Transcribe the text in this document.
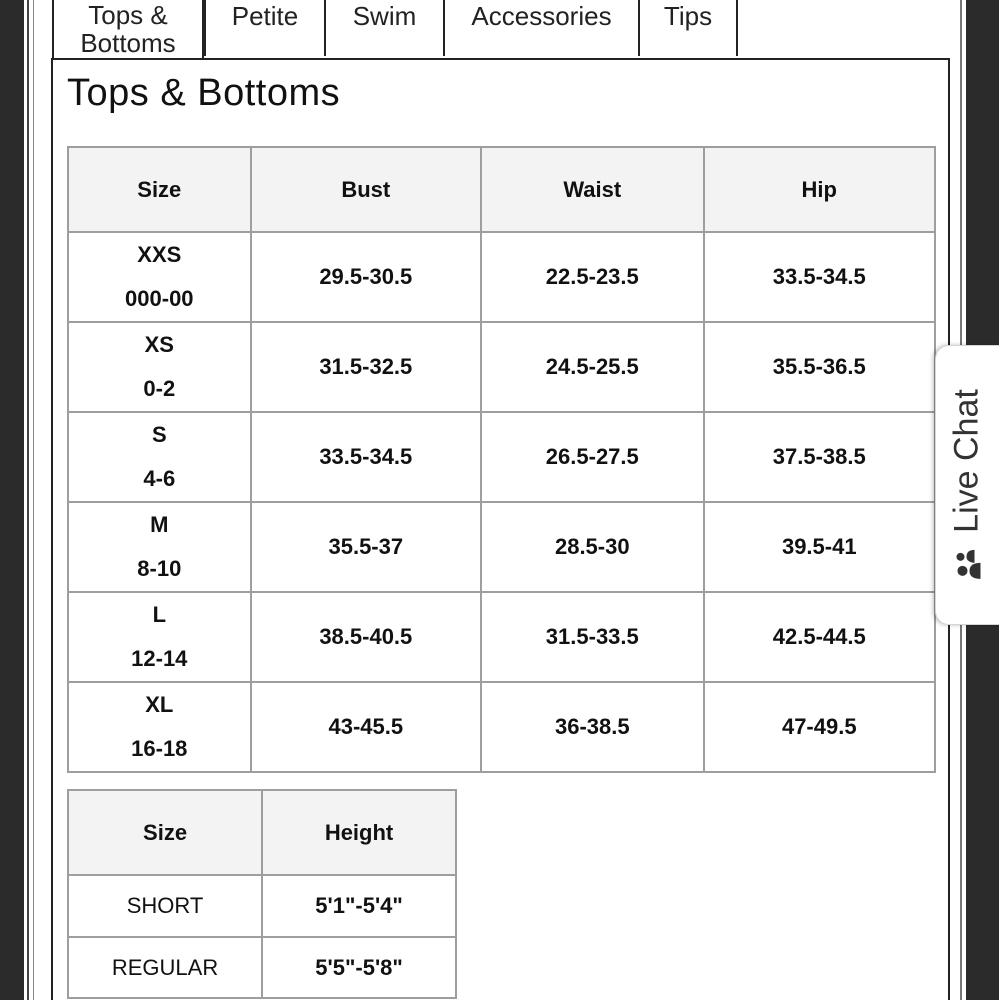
Tops &
Bottoms
Petite	Swim	Accessories	Tips
Tops & Bottoms
Size	Bust	Waist	Hip

XXS
000-00	29.5-30.5	22.5-23.5	33.5-34.5

XS
0-2	31.5-32.5	24.5-25.5	35.5-36.5

S
4-6	33.5-34.5	26.5-27.5	37.5-38.5

M
8-10	35.5-37	28.5-30	39.5-41

L
12-14	38.5-40.5	31.5-33.5	42.5-44.5

XL
16-18	43-45.5	36-38.5	47-49.5
Size	Height
SHORT	5'1"-5'4"
REGULAR	5'5"-5'8"
Live Chat
